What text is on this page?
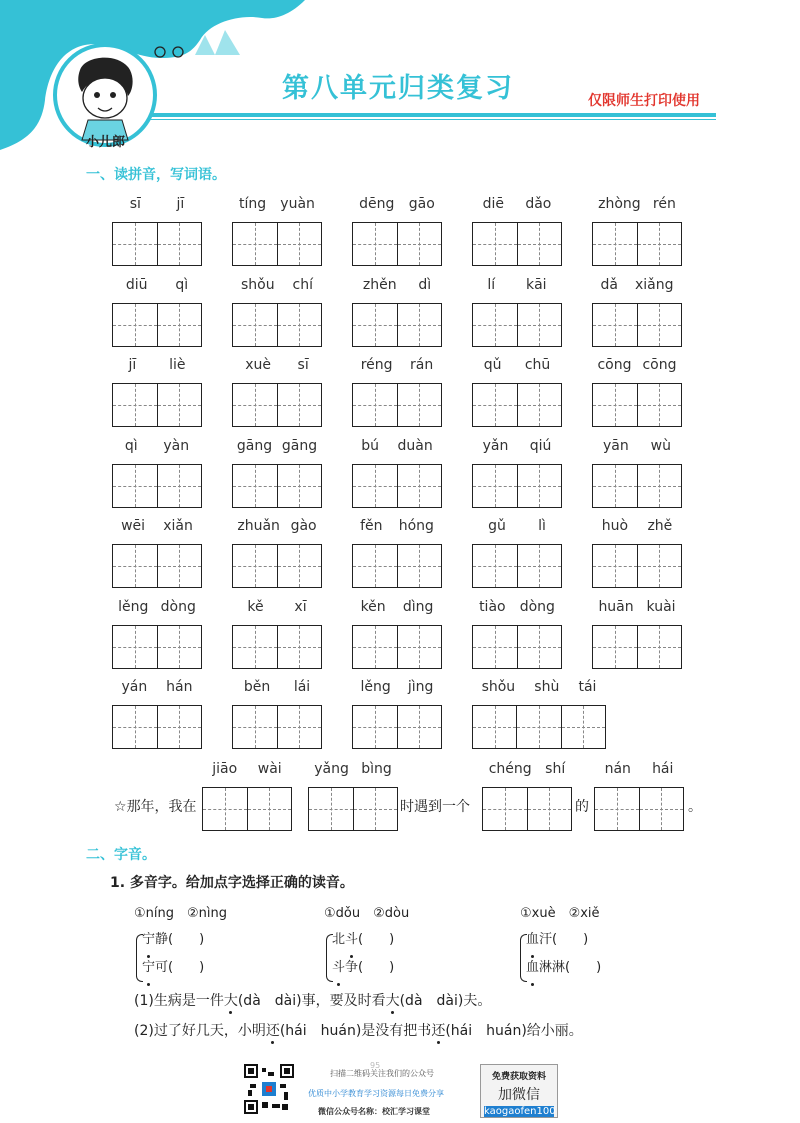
第八单元归类复习	仅限师生打印使用
小儿郎
一、读拼音，写词语。
sī	jī	tíng yuàn	dēng gāo	diē dǎo	zhòng rén
diū qì	shǒu chí	zhěn dì	lí kāi	dǎ xiǎng
jī liè	xuè sī	réng rán	qǔ chū	cōng cōng
qì yàn	gāng gāng	bú duàn	yǎn qiú	yān wù
wēi xiǎn	zhuǎn gào	fěn hóng	gǔ lì	huò zhě
lěng dòng	kě xī	kěn dìng	tiào dòng	huān kuài
yán hán	běn lái	lěng jìng	shǒu shù tái
☆那年，我在	时遇到一个	的	。
jiāo wài yǎng bìng	chéng shí	nán hái
二、字音。
1. 多音字。给加点字选择正确的读音。
①níng　②nìng	①dǒu　②dòu	①xuè　②xiě
宁静(　　)
宁可(　　)
北斗(　　)
斗争(　　)
血汗(　　)
血淋淋(　　)
(1)生病是一件大(dà　dài)事，要及时看大(dà　dài)夫。
(2)过了好几天，小明还(hái　huán)是没有把书还(hái　huán)给小丽。
扫描二维码关注我们的公众号
95
优质中小学教育学习资源每日免费分享
微信公众号名称：校汇学习课堂
免费获取资料
加微信
kaogaofen100
